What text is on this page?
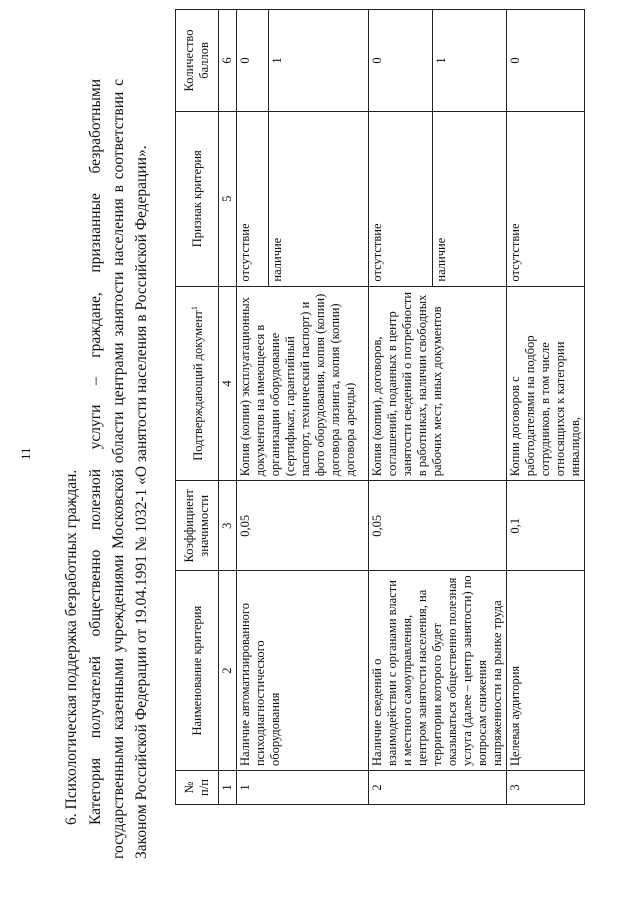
11
6. Психологическая поддержка безработных граждан. Категория получателей общественно полезной услуги – граждане, признанные безработными государственными казенными учреждениями Московской области центрами занятости населения в соответствии с Законом Российской Федерации от 19.04.1991 № 1032-1 «О занятости населения в Российской Федерации».	№ п/п	Наименование критерия	Коэффициент значимости	Подтверждающий документ$^1$	Признак критерия	Количество баллов
1	2	3	4	5	6
1	Наличие автоматизированного психодиагностического оборудования	0,05	Копия (копии) эксплуатационных документов на имеющееся в организации оборудование (сертификат, гарантийный паспорт, технический паспорт) и фото оборудования, копия (копии) договора лизинга, копия (копии) договора аренды)	отсутствие	0
				наличие	1
2	Наличие сведений о взаимодействии с органами власти и местного самоуправления, центром занятости населения, на территории которого будет оказываться общественно полезная услуга (далее – центр занятости) по вопросам снижения напряженности на рынке труда	0,05	Копия (копии), договоров, соглашений, поданных в центр занятости сведений о потребности в работниках, наличии свободных рабочих мест, иных документов	отсутствие	0
				наличие	1
3	Целевая аудитория	0,1	Копии договоров с работодателями на подбор сотрудников, в том числе относящихся к категории инвалидов,	отсутствие	0
